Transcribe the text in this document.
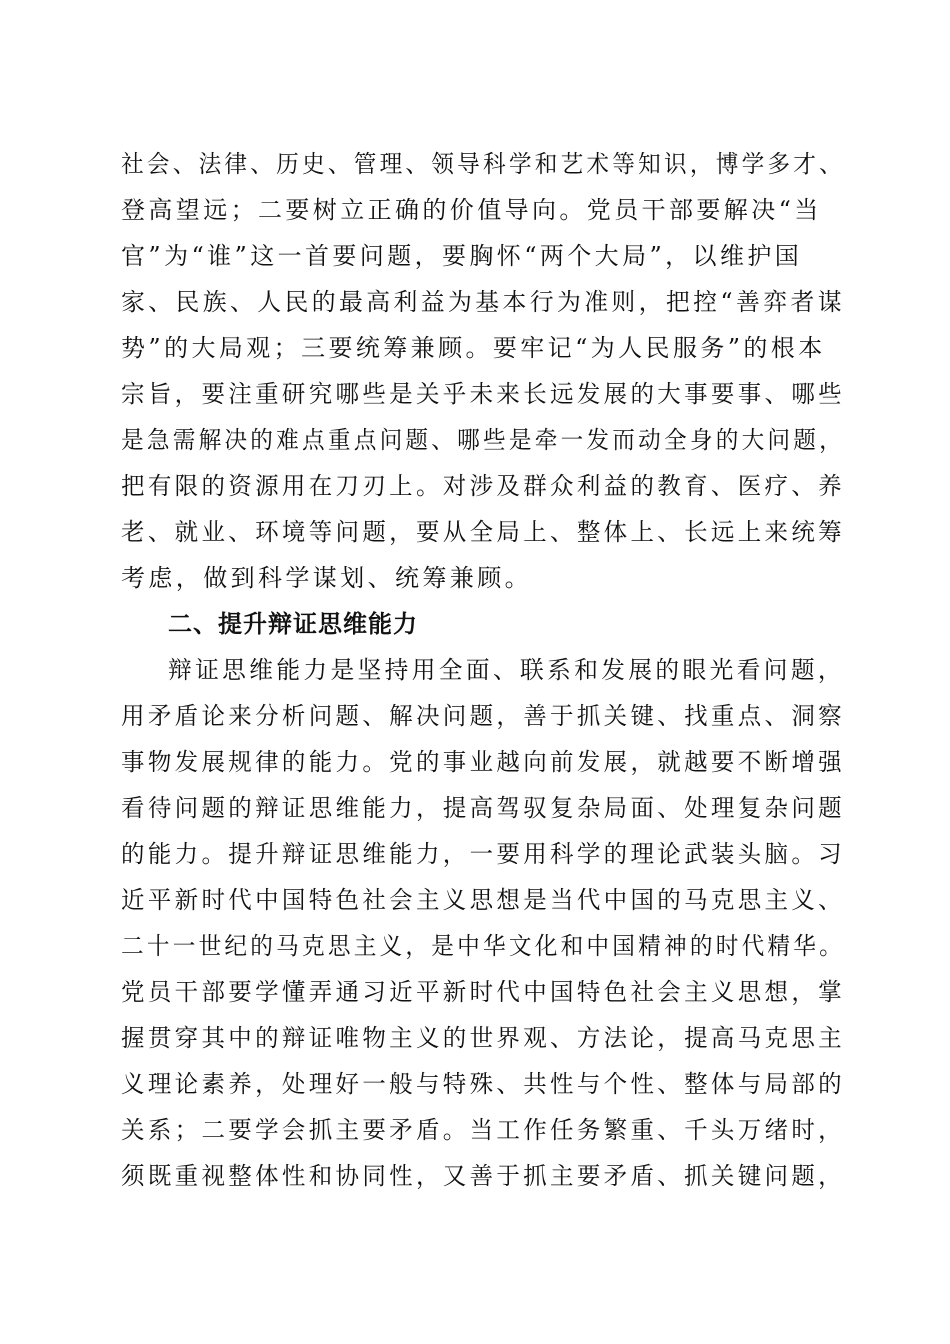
社会、法律、历史、管理、领导科学和艺术等知识，博学多才、
登高望远；二要树立正确的价值导向。党员干部要解决“当
官”为“谁”这一首要问题，要胸怀“两个大局”，以维护国
家、民族、人民的最高利益为基本行为准则，把控“善弈者谋
势”的大局观；三要统筹兼顾。要牢记“为人民服务”的根本
宗旨，要注重研究哪些是关乎未来长远发展的大事要事、哪些
是急需解决的难点重点问题、哪些是牵一发而动全身的大问题，
把有限的资源用在刀刃上。对涉及群众利益的教育、医疗、养
老、就业、环境等问题，要从全局上、整体上、长远上来统筹
考虑，做到科学谋划、统筹兼顾。
二、提升辩证思维能力
辩证思维能力是坚持用全面、联系和发展的眼光看问题，
用矛盾论来分析问题、解决问题，善于抓关键、找重点、洞察
事物发展规律的能力。党的事业越向前发展，就越要不断增强
看待问题的辩证思维能力，提高驾驭复杂局面、处理复杂问题
的能力。提升辩证思维能力，一要用科学的理论武装头脑。习
近平新时代中国特色社会主义思想是当代中国的马克思主义、
二十一世纪的马克思主义，是中华文化和中国精神的时代精华。
党员干部要学懂弄通习近平新时代中国特色社会主义思想，掌
握贯穿其中的辩证唯物主义的世界观、方法论，提高马克思主
义理论素养，处理好一般与特殊、共性与个性、整体与局部的
关系；二要学会抓主要矛盾。当工作任务繁重、千头万绪时，
须既重视整体性和协同性，又善于抓主要矛盾、抓关键问题，
